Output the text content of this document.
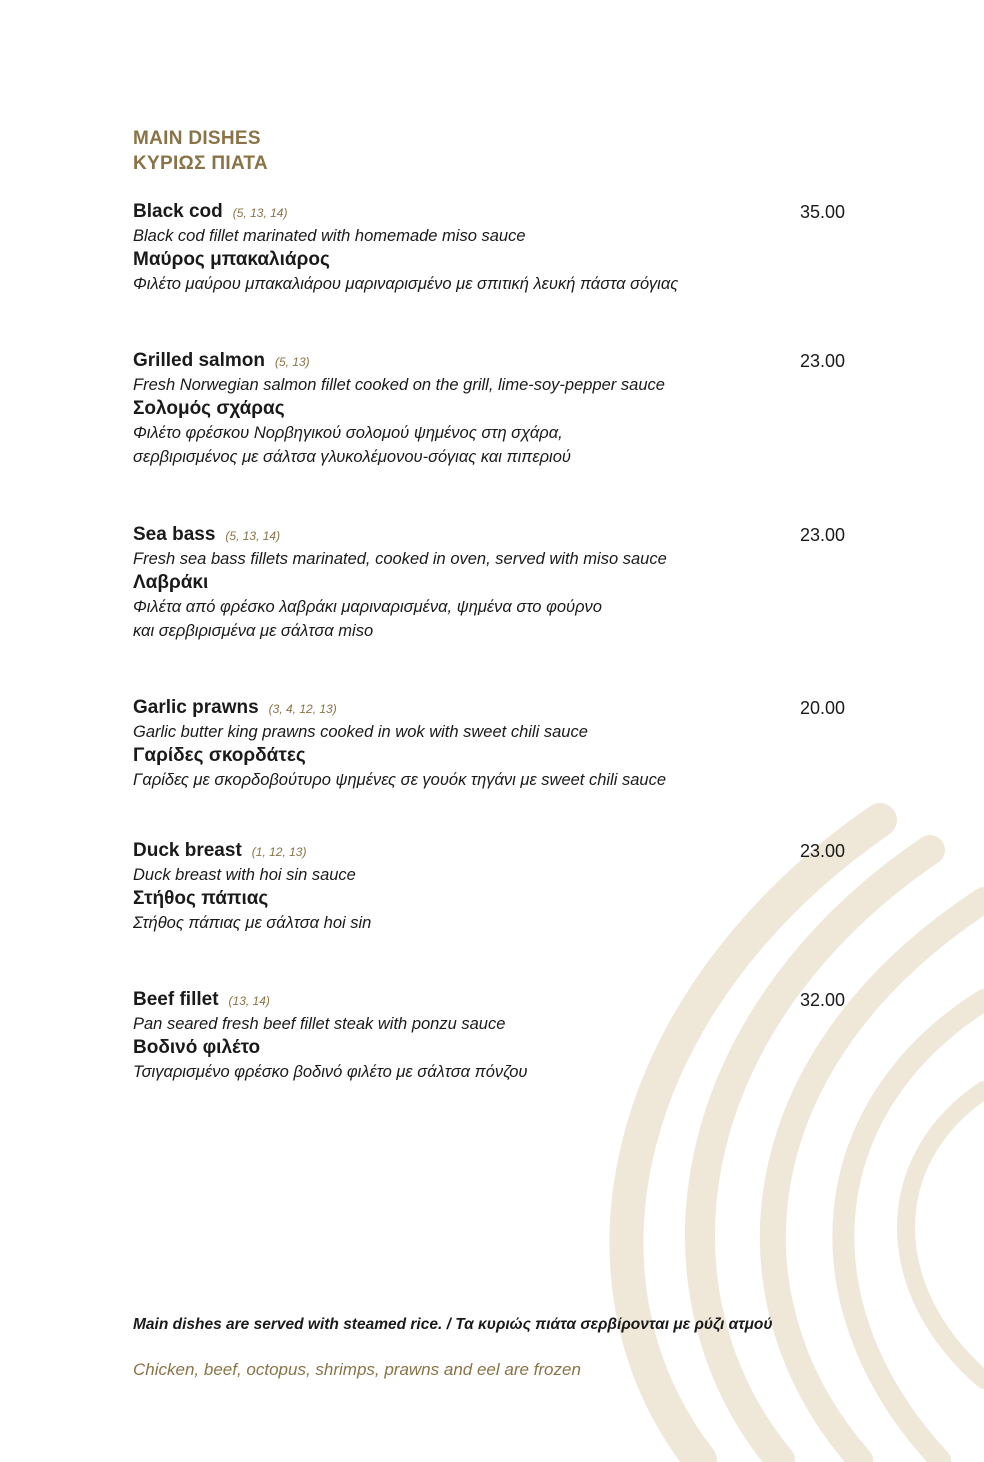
MAIN DISHES
ΚΥΡΙΩΣ ΠΙΑΤΑ
Black cod (5, 13, 14)	35.00
Black cod fillet marinated with homemade miso sauce
Μαύρος μπακαλιάρος
Φιλέτο μαύρου μπακαλιάρου μαριναρισμένο με σπιτική λευκή πάστα σόγιας
Grilled salmon (5, 13)	23.00
Fresh Norwegian salmon fillet cooked on the grill, lime-soy-pepper sauce
Σολομός σχάρας
Φιλέτο φρέσκου Νορβηγικού σολομού ψημένος στη σχάρα,
σερβιρισμένος με σάλτσα γλυκολέμονου-σόγιας και πιπεριού
Sea bass (5, 13, 14)	23.00
Fresh sea bass fillets marinated, cooked in oven, served with miso sauce
Λαβράκι
Φιλέτα από φρέσκο λαβράκι μαριναρισμένα, ψημένα στο φούρνο
και σερβιρισμένα με σάλτσα miso
Garlic prawns (3, 4, 12, 13)	20.00
Garlic butter king prawns cooked in wok with sweet chili sauce
Γαρίδες σκορδάτες
Γαρίδες με σκορδοβούτυρο ψημένες σε γουόκ τηγάνι με sweet chili sauce
Duck breast (1, 12, 13)	23.00
Duck breast with hoi sin sauce
Στήθος πάπιας
Στήθος πάπιας με σάλτσα hoi sin
Beef fillet (13, 14)	32.00
Pan seared fresh beef fillet steak with ponzu sauce
Βοδινό φιλέτο
Τσιγαρισμένο φρέσκο βοδινό φιλέτο με σάλτσα πόνζου
Main dishes are served with steamed rice. / Τα κυριώς πιάτα σερβίρονται με ρύζι ατμού
Chicken, beef, octopus, shrimps, prawns and eel are frozen
